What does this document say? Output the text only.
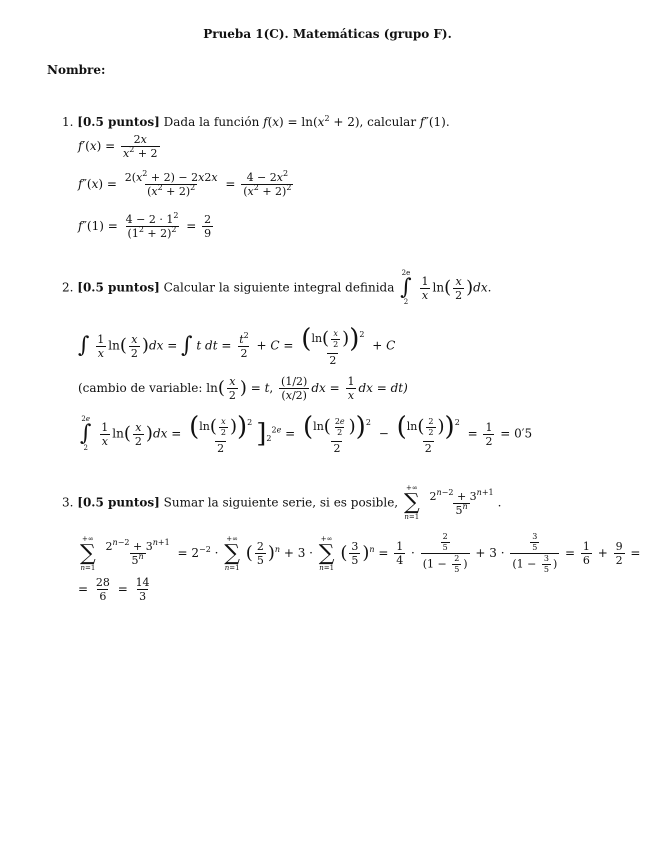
Prueba 1(C). Matemáticas (grupo F).
Nombre:
1. [0.5 puntos] Dada la función $f(x) = \ln(x^2 + 2)$, calcular f″(1).
$f'(x) = \frac{2x}{x^2 + 2}$
$f''(x) = \frac{2(x^2 + 2) - 2x2x}{(x^2 + 2)^2} = \frac{4 - 2x^2}{(x^2 + 2)^2}$
$f''(1) = \frac{4 - 2 \cdot 1^2}{(1^2 + 2)^2} = \frac{2}{9}$
2. [0.5 puntos] Calcular la siguiente integral definida
2e
∫
2

$\frac{1}{x} \ln( \frac{x}{2} )dx$.
∫ $\frac{1}{x} \ln( \frac{x}{2} )dx$ = ∫ t dt = $\frac{t^2}{2} + C = \frac{(\ln( \frac{x}{2} ))^2}{2} + C$
(cambio de variable: $\ln( \frac{x}{2}$ ) = t, $\frac{(1/2)}{(x/2)}$ dx = $\frac{1}{x}$ dx = dt)
2e
∫
2

$\frac{1}{x} \ln( \frac{x}{2} )dx = \frac{(\ln( \frac{x}{2} ))^2}{2} ]_2^{2e} = \frac{(\ln( \frac{2e}{2} ))^2}{2} - \frac{(\ln( \frac{2}{2} ))^2}{2} = \frac{1}{2} = 0'5$
3. [0.5 puntos] Sumar la siguiente serie, si es posible,
+∞
∑
n=1

$\frac{2^{n-2} + 3^{n+1}}{5^n}$ .
+∞
∑
n=1

$\frac{2^{n-2} + 3^{n+1}}{5^n} = 2^{-2}$ ·
+∞
∑
n=1
( $\frac{2}{5} )^n + 3$ ·
+∞
∑
n=1
( $\frac{3}{5} )^n = \frac{1}{4} \cdot \frac{\frac{2}{5}}{(1 - \frac{2}{5} )} + 3 \cdot \frac{\frac{3}{5}}{(1 - \frac{3}{5} )} = \frac{1}{6} + \frac{9}{2}$ =
= $\frac{28}{6} = \frac{14}{3}$
